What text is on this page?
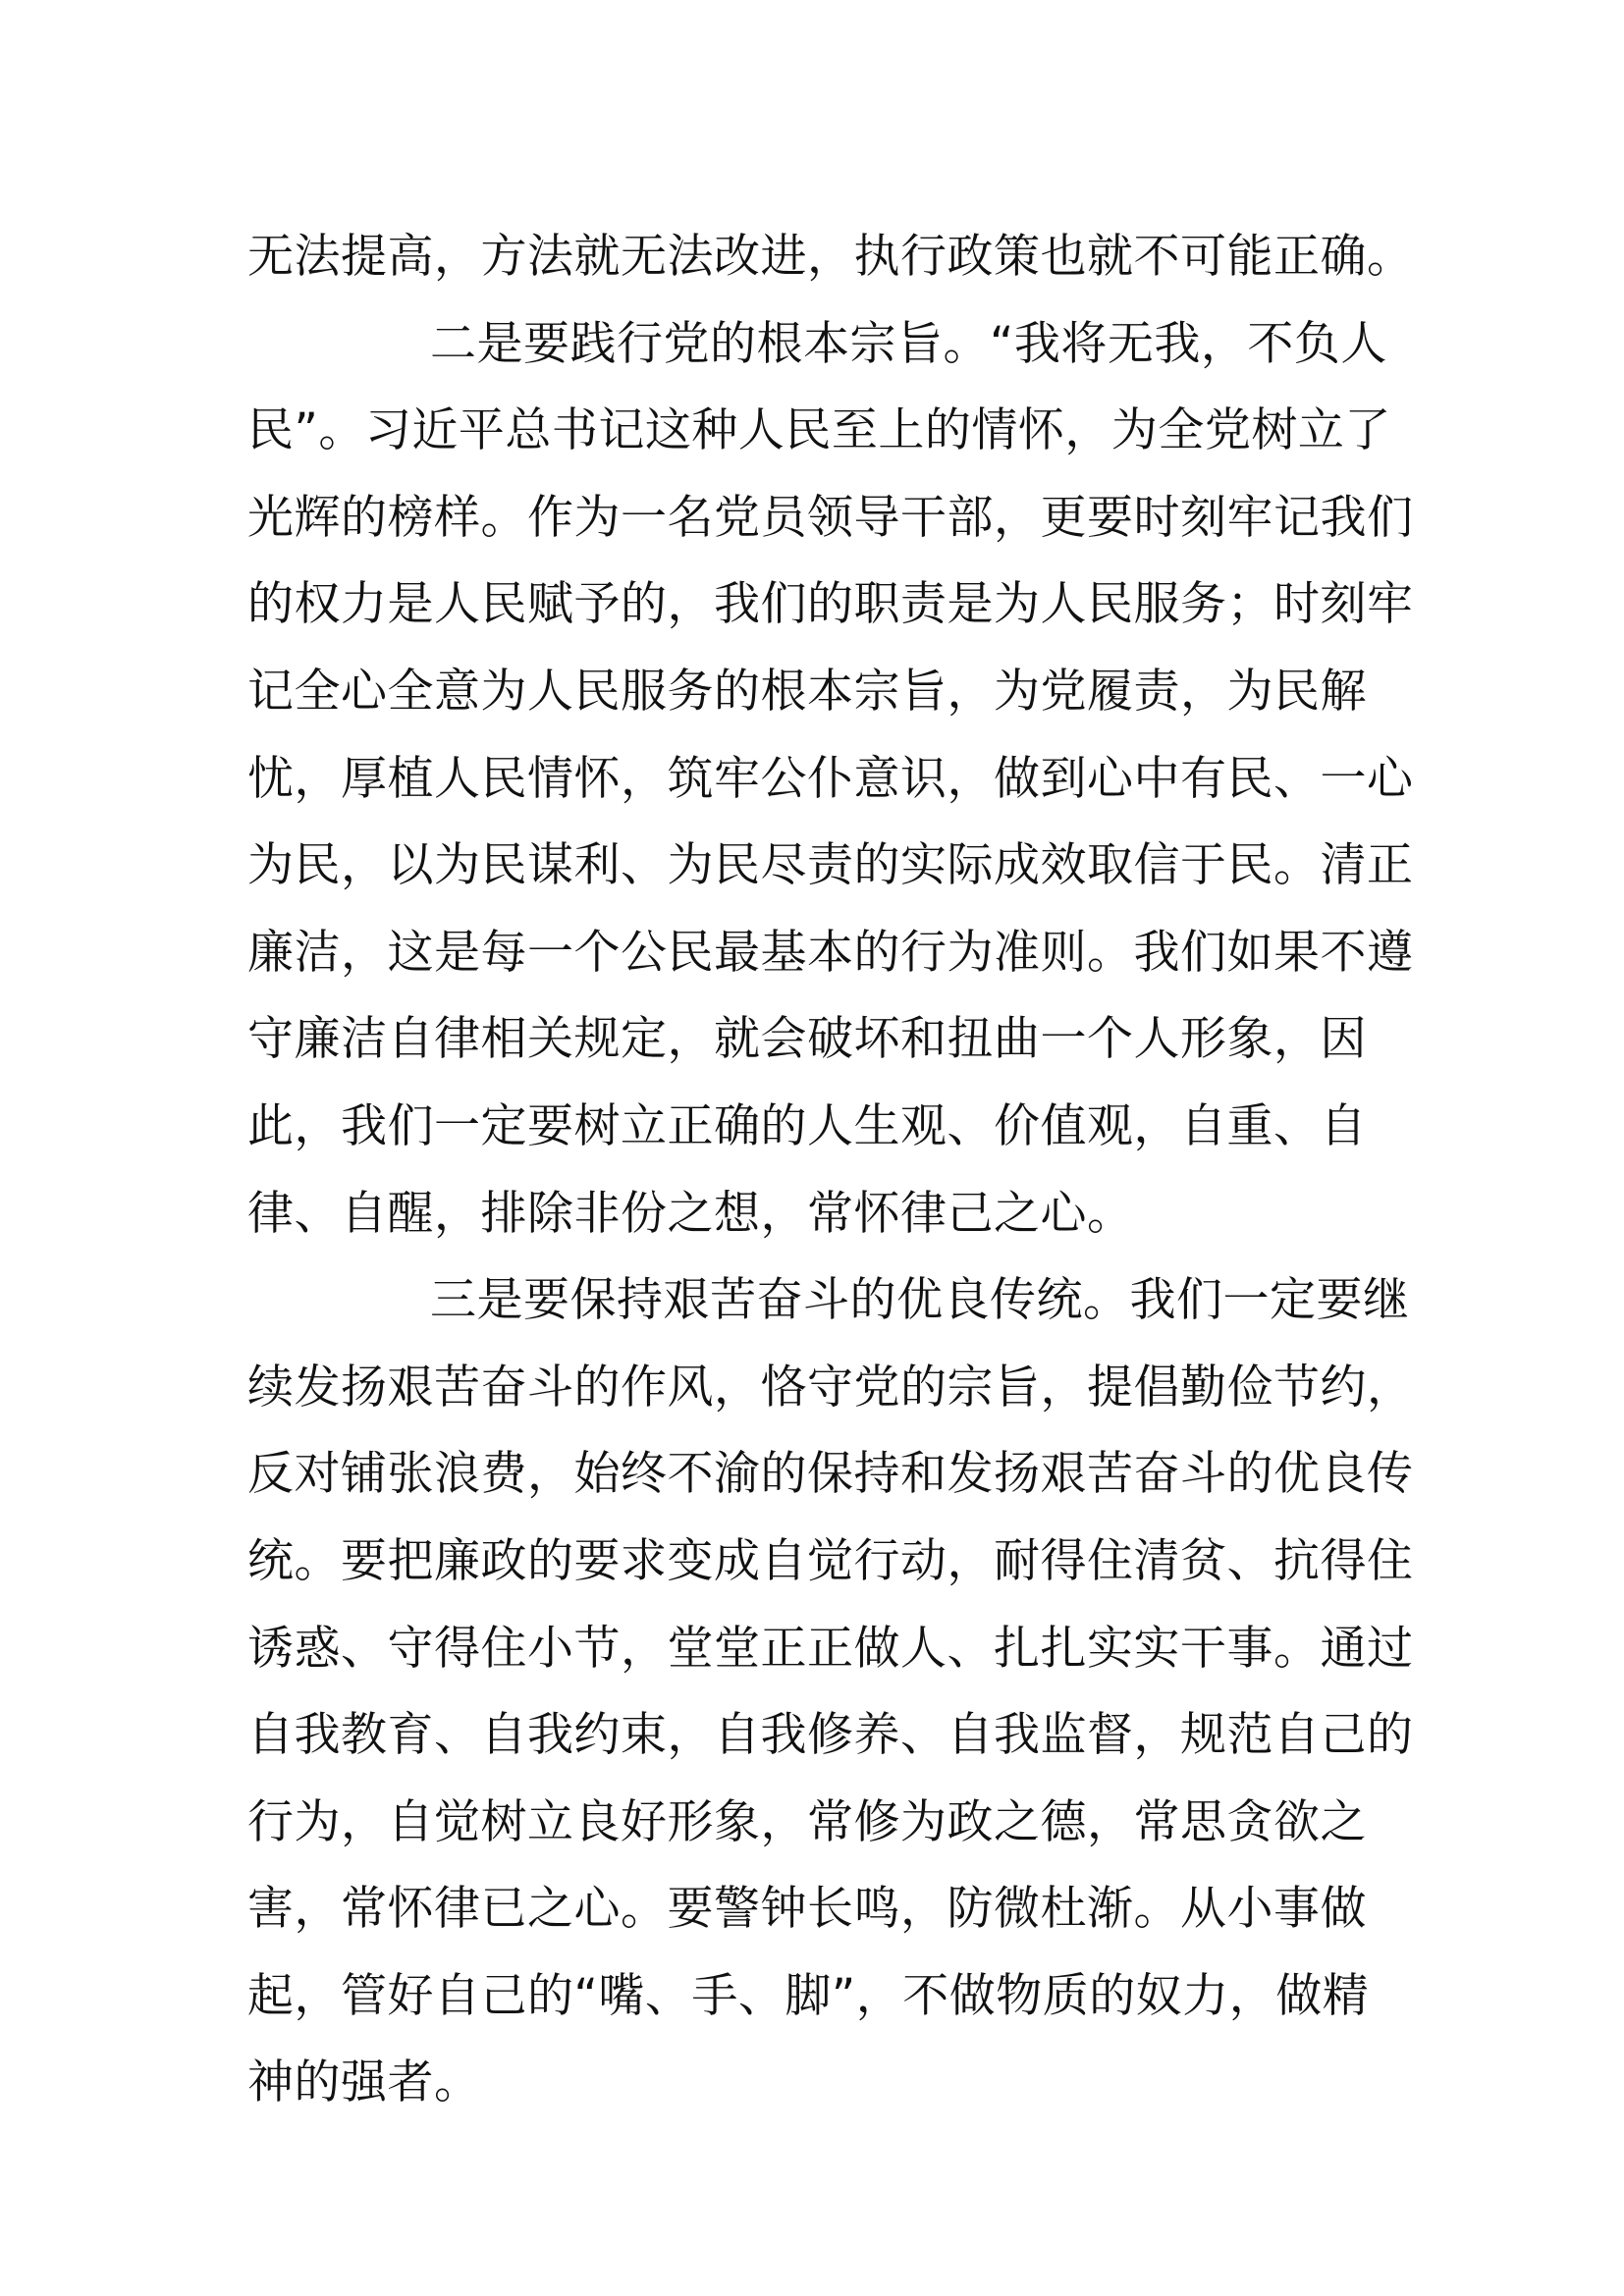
无法提高，方法就无法改进，执行政策也就不可能正确。
二是要践行党的根本宗旨。“我将无我，不负人
民”。习近平总书记这种人民至上的情怀，为全党树立了
光辉的榜样。作为一名党员领导干部，更要时刻牢记我们
的权力是人民赋予的，我们的职责是为人民服务；时刻牢
记全心全意为人民服务的根本宗旨，为党履责，为民解
忧，厚植人民情怀，筑牢公仆意识，做到心中有民、一心
为民，以为民谋利、为民尽责的实际成效取信于民。清正
廉洁，这是每一个公民最基本的行为准则。我们如果不遵
守廉洁自律相关规定，就会破坏和扭曲一个人形象，因
此，我们一定要树立正确的人生观、价值观，自重、自
律、自醒，排除非份之想，常怀律己之心。
三是要保持艰苦奋斗的优良传统。我们一定要继
续发扬艰苦奋斗的作风，恪守党的宗旨，提倡勤俭节约，
反对铺张浪费，始终不渝的保持和发扬艰苦奋斗的优良传
统。要把廉政的要求变成自觉行动，耐得住清贫、抗得住
诱惑、守得住小节，堂堂正正做人、扎扎实实干事。通过
自我教育、自我约束，自我修养、自我监督，规范自己的
行为，自觉树立良好形象，常修为政之德，常思贪欲之
害，常怀律已之心。要警钟长鸣，防微杜渐。从小事做
起，管好自己的“嘴、手、脚”，不做物质的奴力，做精
神的强者。
